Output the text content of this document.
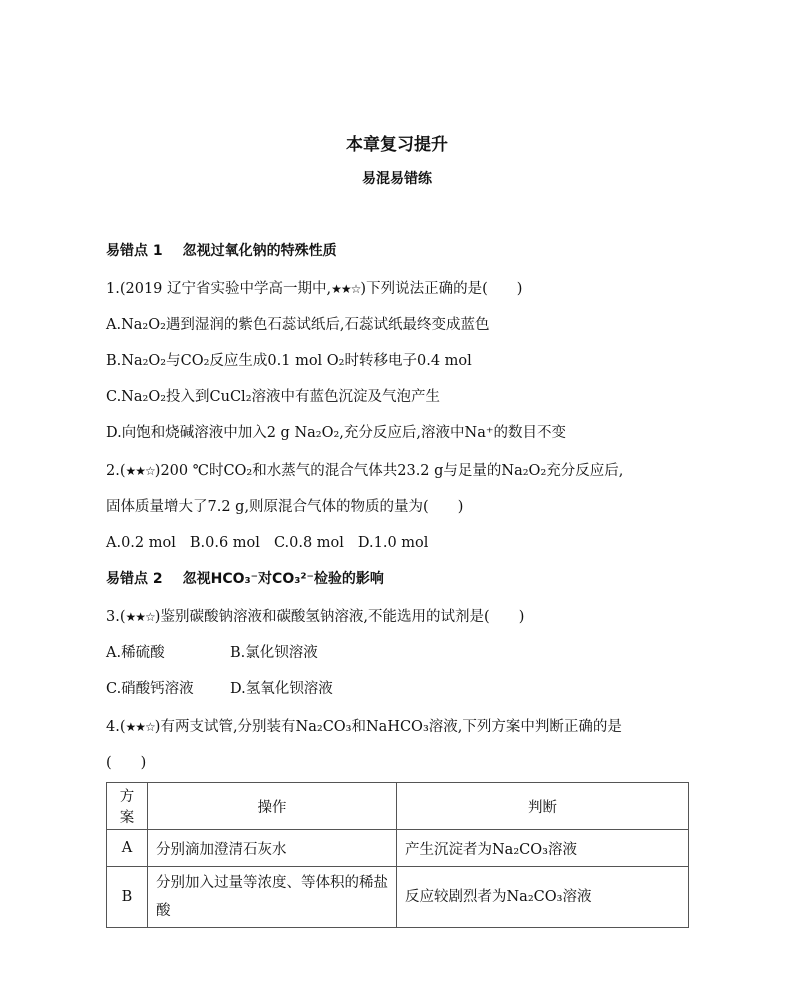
本章复习提升
易混易错练
易错点 1 忽视过氧化钠的特殊性质
1.(2019 辽宁省实验中学高一期中,★★☆)下列说法正确的是(　　)
A.Na₂O₂遇到湿润的紫色石蕊试纸后,石蕊试纸最终变成蓝色
B.Na₂O₂与CO₂反应生成0.1 mol O₂时转移电子0.4 mol
C.Na₂O₂投入到CuCl₂溶液中有蓝色沉淀及气泡产生
D.向饱和烧碱溶液中加入2 g Na₂O₂,充分反应后,溶液中Na⁺的数目不变
2.(★★☆)200 ℃时CO₂和水蒸气的混合气体共23.2 g与足量的Na₂O₂充分反应后,
固体质量增大了7.2 g,则原混合气体的物质的量为(　　)
A.0.2 mol B.0.6 mol C.0.8 mol D.1.0 mol
易错点 2 忽视HCO₃⁻对CO₃²⁻检验的影响
3.(★★☆)鉴别碳酸钠溶液和碳酸氢钠溶液,不能选用的试剂是(　　)
A.稀硫酸	B.氯化钡溶液
C.硝酸钙溶液	D.氢氧化钡溶液
4.(★★☆)有两支试管,分别装有Na₂CO₃和NaHCO₃溶液,下列方案中判断正确的是
(　　)
方案	操作	判断
A	分别滴加澄清石灰水	产生沉淀者为Na₂CO₃溶液
B	分别加入过量等浓度、等体积的稀盐酸	反应较剧烈者为Na₂CO₃溶液
